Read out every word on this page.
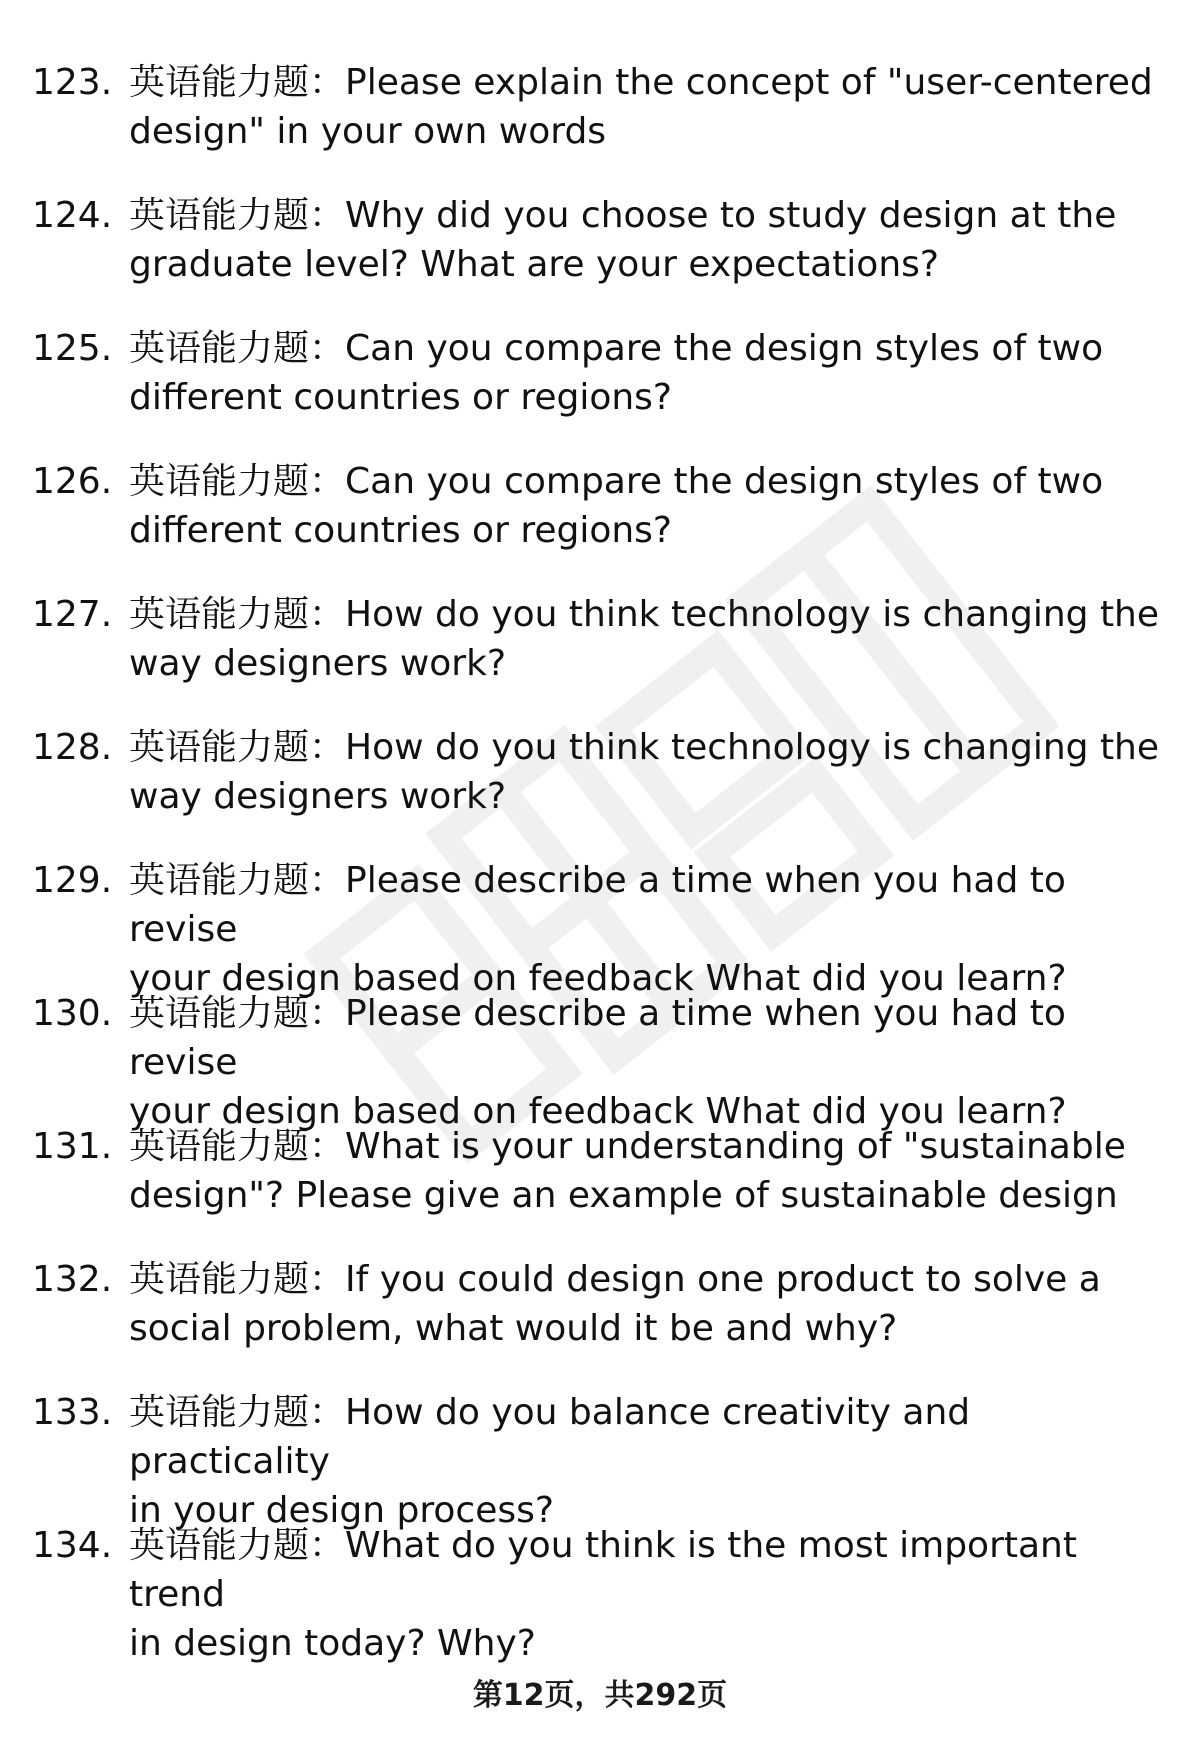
123. 英语能力题：Please explain the concept of "user-centered
design" in your own words
124. 英语能力题：Why did you choose to study design at the
graduate level? What are your expectations?
125. 英语能力题：Can you compare the design styles of two
different countries or regions?
126. 英语能力题：Can you compare the design styles of two
different countries or regions?
127. 英语能力题：How do you think technology is changing the
way designers work?
128. 英语能力题：How do you think technology is changing the
way designers work?
129. 英语能力题：Please describe a time when you had to revise
your design based on feedback What did you learn?
130. 英语能力题：Please describe a time when you had to revise
your design based on feedback What did you learn?
131. 英语能力题：What is your understanding of "sustainable
design"? Please give an example of sustainable design
132. 英语能力题：If you could design one product to solve a
social problem, what would it be and why?
133. 英语能力题：How do you balance creativity and practicality
in your design process?
134. 英语能力题：What do you think is the most important trend
in design today? Why?
第12页，共292页
